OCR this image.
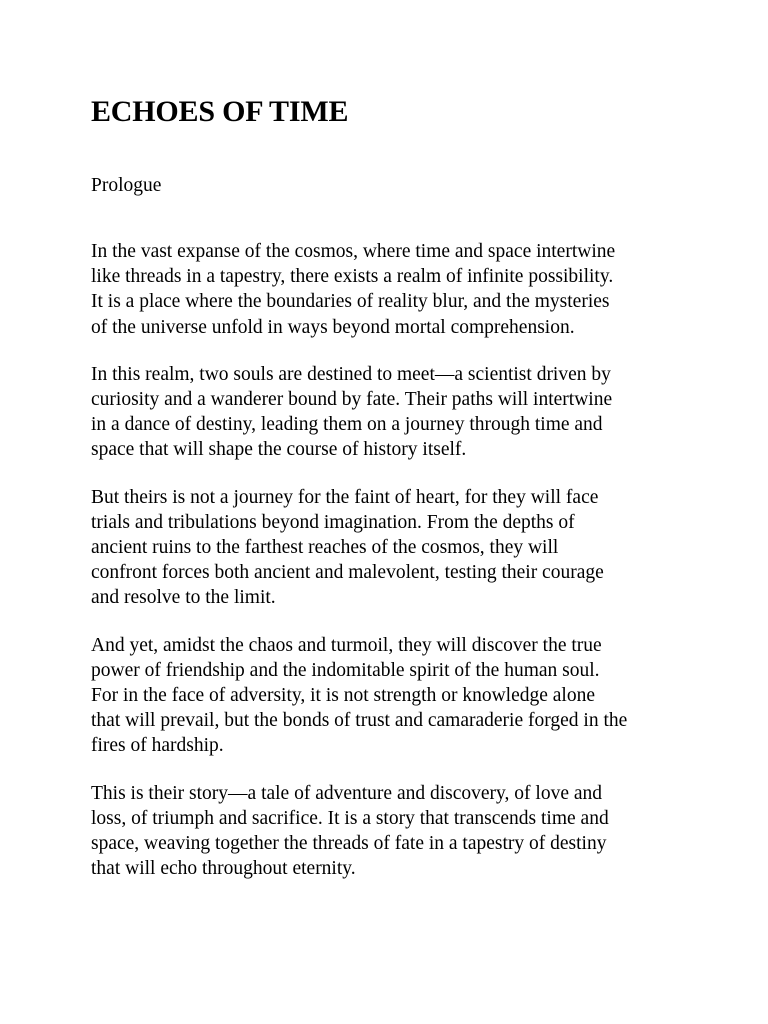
ECHOES OF TIME

Prologue

In the vast expanse of the cosmos, where time and space intertwine
like threads in a tapestry, there exists a realm of infinite possibility.
It is a place where the boundaries of reality blur, and the mysteries
of the universe unfold in ways beyond mortal comprehension.

In this realm, two souls are destined to meet—a scientist driven by
curiosity and a wanderer bound by fate. Their paths will intertwine
in a dance of destiny, leading them on a journey through time and
space that will shape the course of history itself.

But theirs is not a journey for the faint of heart, for they will face
trials and tribulations beyond imagination. From the depths of
ancient ruins to the farthest reaches of the cosmos, they will
confront forces both ancient and malevolent, testing their courage
and resolve to the limit.

And yet, amidst the chaos and turmoil, they will discover the true
power of friendship and the indomitable spirit of the human soul.
For in the face of adversity, it is not strength or knowledge alone
that will prevail, but the bonds of trust and camaraderie forged in the
fires of hardship.

This is their story—a tale of adventure and discovery, of love and
loss, of triumph and sacrifice. It is a story that transcends time and
space, weaving together the threads of fate in a tapestry of destiny
that will echo throughout eternity.
